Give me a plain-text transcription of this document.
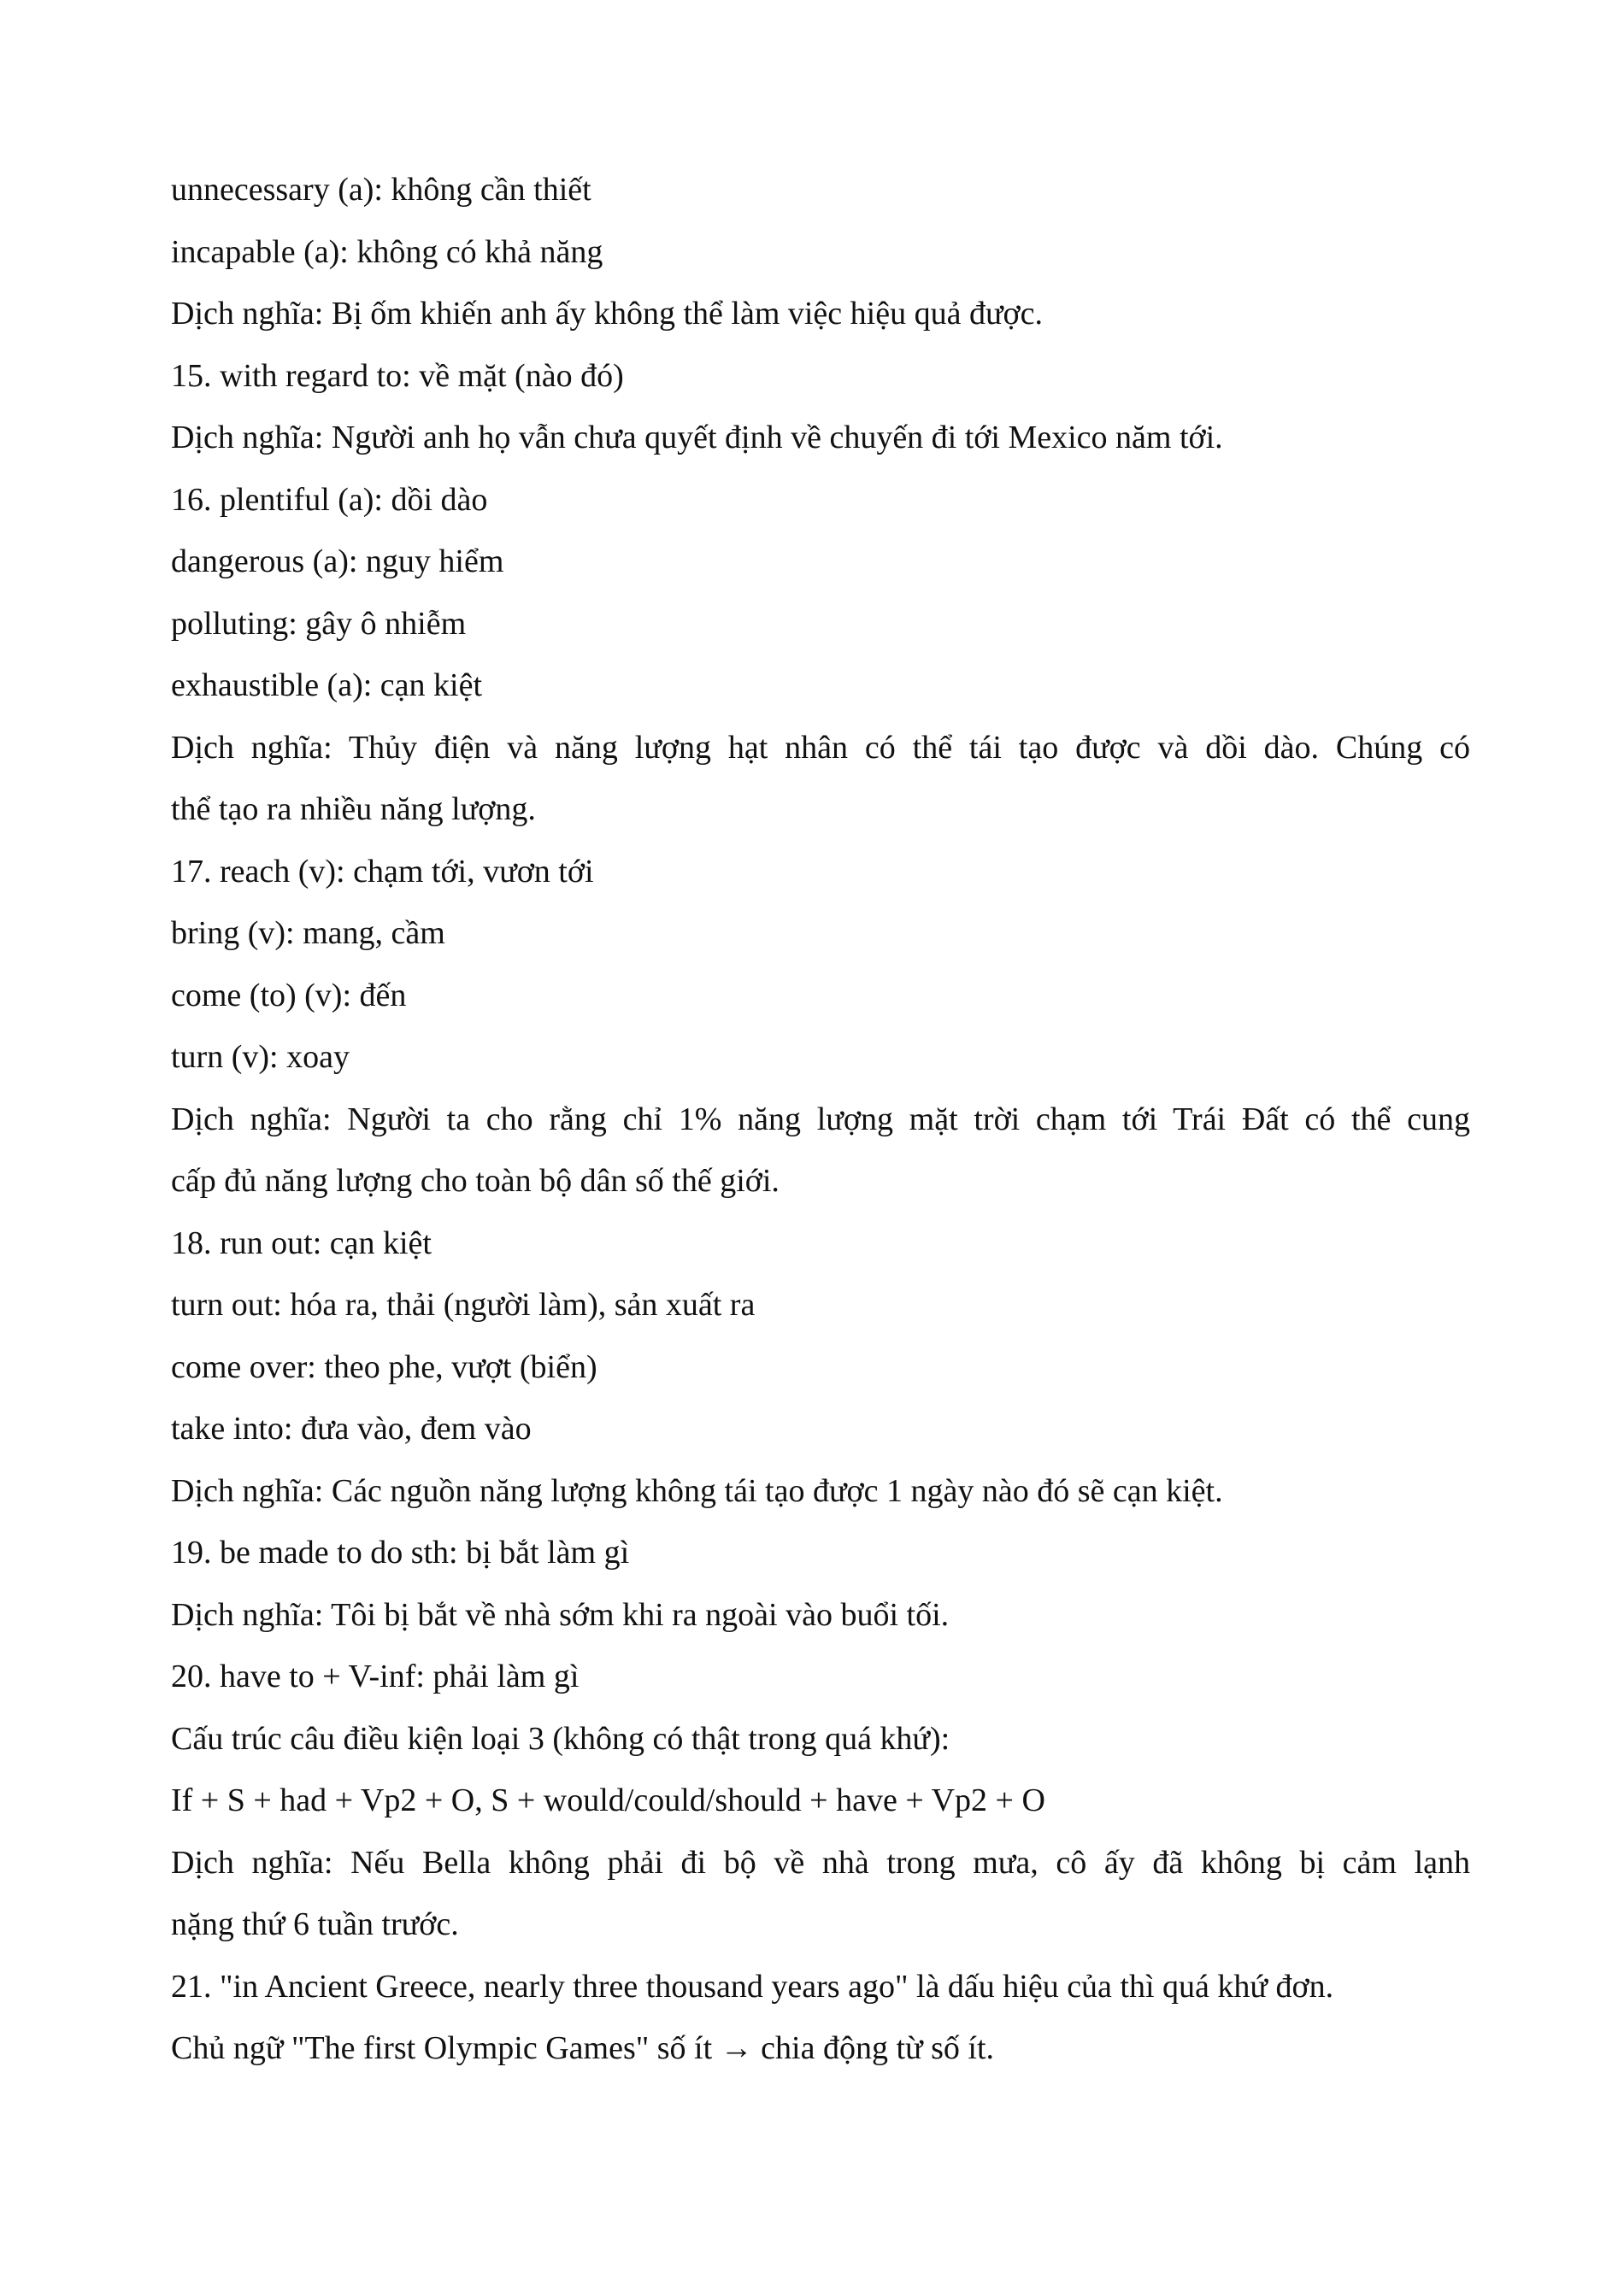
unnecessary (a): không cần thiết

incapable (a): không có khả năng

Dịch nghĩa: Bị ốm khiến anh ấy không thể làm việc hiệu quả được.

15. with regard to: về mặt (nào đó)

Dịch nghĩa: Người anh họ vẫn chưa quyết định về chuyến đi tới Mexico năm tới.

16. plentiful (a): dồi dào

dangerous (a): nguy hiểm

polluting: gây ô nhiễm

exhaustible (a): cạn kiệt

Dịch nghĩa: Thủy điện và năng lượng hạt nhân có thể tái tạo được và dồi dào. Chúng có

thể tạo ra nhiều năng lượng.

17. reach (v): chạm tới, vươn tới

bring (v): mang, cầm

come (to) (v): đến

turn (v): xoay

Dịch nghĩa: Người ta cho rằng chỉ 1% năng lượng mặt trời chạm tới Trái Đất có thể cung

cấp đủ năng lượng cho toàn bộ dân số thế giới.

18. run out: cạn kiệt

turn out: hóa ra, thải (người làm), sản xuất ra

come over: theo phe, vượt (biển)

take into: đưa vào, đem vào

Dịch nghĩa: Các nguồn năng lượng không tái tạo được 1 ngày nào đó sẽ cạn kiệt.

19. be made to do sth: bị bắt làm gì

Dịch nghĩa: Tôi bị bắt về nhà sớm khi ra ngoài vào buổi tối.

20. have to + V-inf: phải làm gì

Cấu trúc câu điều kiện loại 3 (không có thật trong quá khứ):

If + S + had + Vp2 + O, S + would/could/should + have + Vp2 + O

Dịch nghĩa: Nếu Bella không phải đi bộ về nhà trong mưa, cô ấy đã không bị cảm lạnh

nặng thứ 6 tuần trước.

21. "in Ancient Greece, nearly three thousand years ago" là dấu hiệu của thì quá khứ đơn.

Chủ ngữ "The first Olympic Games" số ít → chia động từ số ít.
